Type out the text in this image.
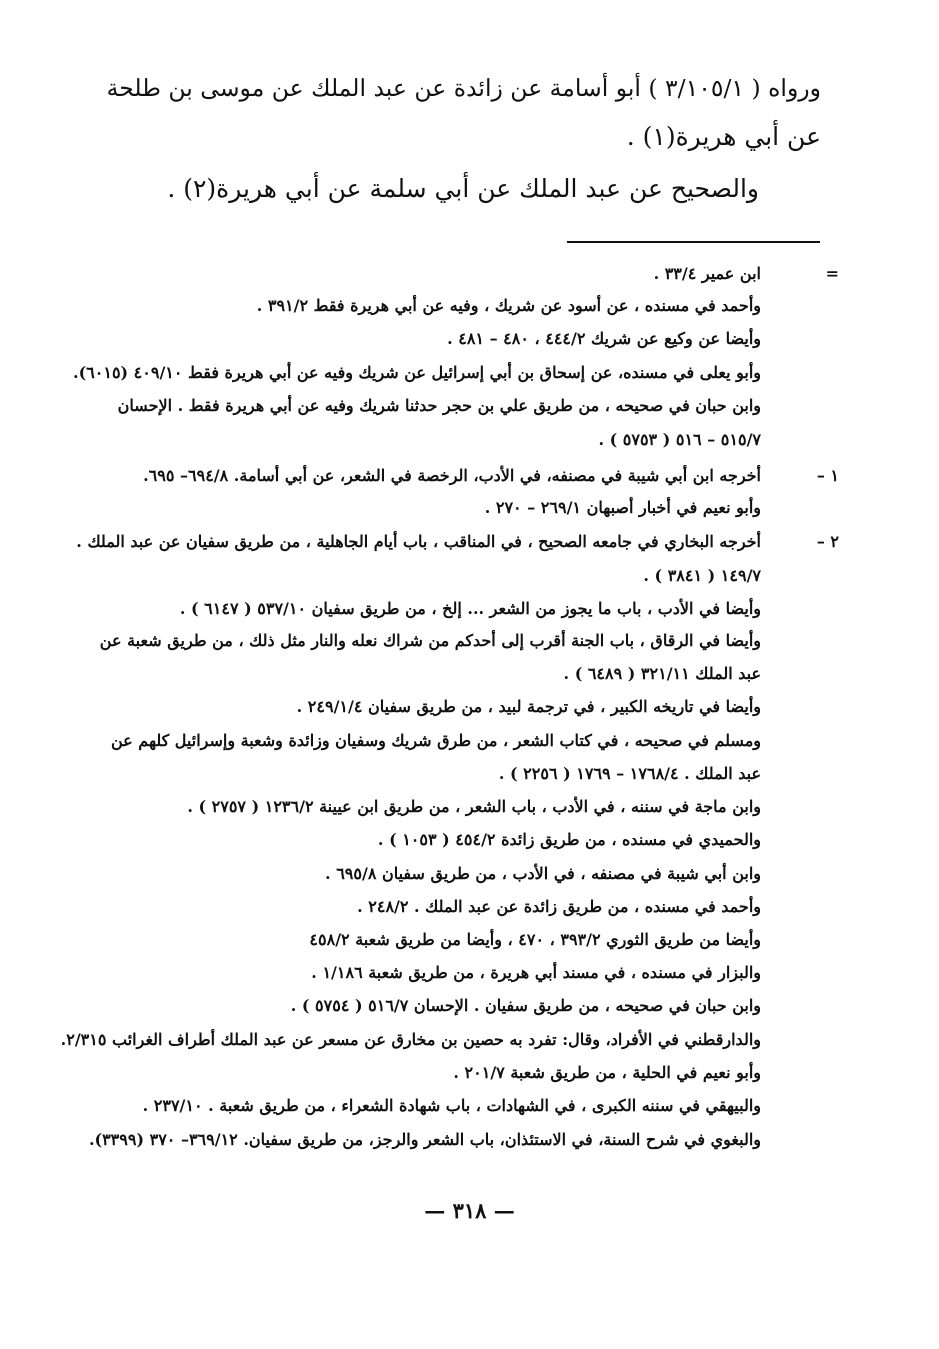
ورواه ( ٣/١٠٥/١ ) أبو أسامة عن زائدة عن عبد الملك عن موسى بن طلحة
عن أبي هريرة(١) .
والصحيح عن عبد الملك عن أبي سلمة عن أبي هريرة(٢) .
=
١ –
٢ –
ابن عمير ٣٣/٤ .
وأحمد في مسنده ، عن أسود عن شريك ، وفيه عن أبي هريرة فقط ٣٩١/٢ .
وأيضا عن وكيع عن شريك ٤٤٤/٢ ، ٤٨٠ – ٤٨١ .
وأبو يعلى في مسنده، عن إسحاق بن أبي إسرائيل عن شريك وفيه عن أبي هريرة فقط ٤٠٩/١٠ (٦٠١٥).
وابن حبان في صحيحه ، من طريق علي بن حجر حدثنا شريك وفيه عن أبي هريرة فقط . الإحسان
٥١٥/٧ – ٥١٦ ( ٥٧٥٣ ) .
أخرجه ابن أبي شيبة في مصنفه، في الأدب، الرخصة في الشعر، عن أبي أسامة. ٦٩٤/٨– ٦٩٥.
وأبو نعيم في أخبار أصبهان ٢٦٩/١ – ٢٧٠ .
أخرجه البخاري في جامعه الصحيح ، في المناقب ، باب أيام الجاهلية ، من طريق سفيان عن عبد الملك .
١٤٩/٧ ( ٣٨٤١ ) .
وأيضا في الأدب ، باب ما يجوز من الشعر ... إلخ ، من طريق سفيان ٥٣٧/١٠ ( ٦١٤٧ ) .
وأيضا في الرقاق ، باب الجنة أقرب إلى أحدكم من شراك نعله والنار مثل ذلك ، من طريق شعبة عن
عبد الملك ٣٢١/١١ ( ٦٤٨٩ ) .
وأيضا في تاريخه الكبير ، في ترجمة لبيد ، من طريق سفيان ٢٤٩/١/٤ .
ومسلم في صحيحه ، في كتاب الشعر ، من طرق شريك وسفيان وزائدة وشعبة وإسرائيل كلهم عن
عبد الملك . ١٧٦٨/٤ – ١٧٦٩ ( ٢٢٥٦ ) .
وابن ماجة في سننه ، في الأدب ، باب الشعر ، من طريق ابن عيينة ١٢٣٦/٢ ( ٢٧٥٧ ) .
والحميدي في مسنده ، من طريق زائدة ٤٥٤/٢ ( ١٠٥٣ ) .
وابن أبي شيبة في مصنفه ، في الأدب ، من طريق سفيان ٦٩٥/٨ .
وأحمد في مسنده ، من طريق زائدة عن عبد الملك . ٢٤٨/٢ .
وأيضا من طريق الثوري ٣٩٣/٢ ، ٤٧٠ ، وأيضا من طريق شعبة ٤٥٨/٢
والبزار في مسنده ، في مسند أبي هريرة ، من طريق شعبة ١/١٨٦ .
وابن حبان في صحيحه ، من طريق سفيان . الإحسان ٥١٦/٧ ( ٥٧٥٤ ) .
والدارقطني في الأفراد، وقال: تفرد به حصين بن مخارق عن مسعر عن عبد الملك أطراف الغرائب ٢/٣١٥.
وأبو نعيم في الحلية ، من طريق شعبة ٢٠١/٧ .
والبيهقي في سننه الكبرى ، في الشهادات ، باب شهادة الشعراء ، من طريق شعبة . ٢٣٧/١٠ .
والبغوي في شرح السنة، في الاستئذان، باب الشعر والرجز، من طريق سفيان. ٣٦٩/١٢– ٣٧٠ (٣٣٩٩).
— ٣١٨ —
